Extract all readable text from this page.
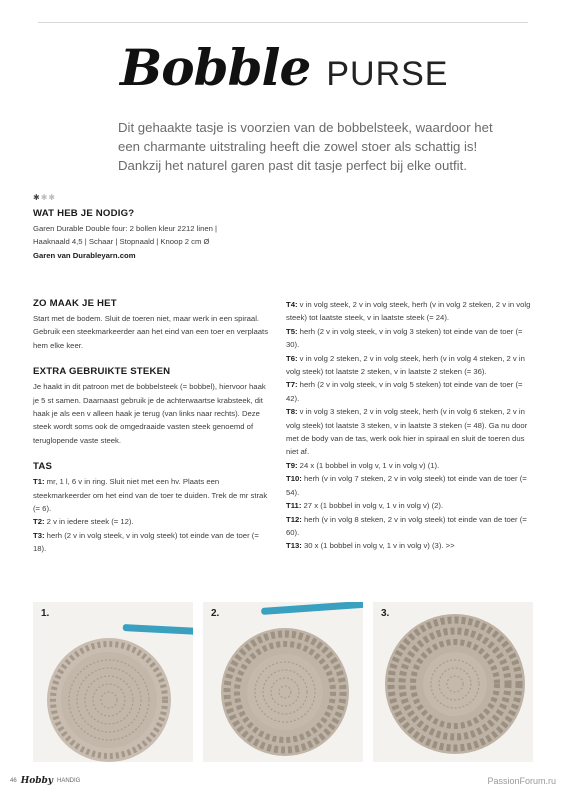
Bobble PURSE

Dit gehaakte tasje is voorzien van de bobbelsteek, waardoor het een charmante uitstraling heeft die zowel stoer als schattig is! Dankzij het naturel garen past dit tasje perfect bij elke outfit.

✱✱✱
WAT HEB JE NODIG?
Garen Durable Double four: 2 bollen kleur 2212 linen |
Haaknaald 4,5 | Schaar | Stopnaald | Knoop 2 cm Ø
Garen van Durableyarn.com
ZO MAAK JE HET

Start met de bodem. Sluit de toeren niet, maar werk in een spiraal. Gebruik een steekmarkeerder aan het eind van een toer en verplaats hem elke keer.

EXTRA GEBRUIKTE STEKEN

Je haakt in dit patroon met de bobbelsteek (= bobbel), hiervoor haak je 5 st samen. Daarnaast gebruik je de achterwaartse krabsteek, dit haak je als een v alleen haak je terug (van links naar rechts). Deze steek wordt soms ook de omgedraaide vasten steek genoemd of teruglopende vaste steek.

TAS

T1: mr, 1 l, 6 v in ring. Sluit niet met een hv. Plaats een steekmarkeerder om het eind van de toer te duiden. Trek de mr strak (= 6).

T2: 2 v in iedere steek (= 12).

T3: herh (2 v in volg steek, v in volg steek) tot einde van de toer (= 18).

T4: v in volg steek, 2 v in volg steek, herh (v in volg 2 steken, 2 v in volg steek) tot laatste steek, v in laatste steek (= 24).

T5: herh (2 v in volg steek, v in volg 3 steken) tot einde van de toer (= 30).

T6: v in volg 2 steken, 2 v in volg steek, herh (v in volg 4 steken, 2 v in volg steek) tot laatste 2 steken, v in laatste 2 steken (= 36).

T7: herh (2 v in volg steek, v in volg 5 steken) tot einde van de toer (= 42).

T8: v in volg 3 steken, 2 v in volg steek, herh (v in volg 6 steken, 2 v in volg steek) tot laatste 3 steken, v in laatste 3 steken (= 48). Ga nu door met de body van de tas, werk ook hier in spiraal en sluit de toeren dus niet af.

T9: 24 x (1 bobbel in volg v, 1 v in volg v) (1).

T10: herh (v in volg 7 steken, 2 v in volg steek) tot einde van de toer (= 54).

T11: 27 x (1 bobbel in volg v, 1 v in volg v) (2).

T12: herh (v in volg 8 steken, 2 v in volg steek) tot einde van de toer (= 60).

T13: 30 x (1 bobbel in volg v, 1 v in volg v) (3). >>

1.	2.	3.
46 Hobby HANDIG	PassionForum.ru
